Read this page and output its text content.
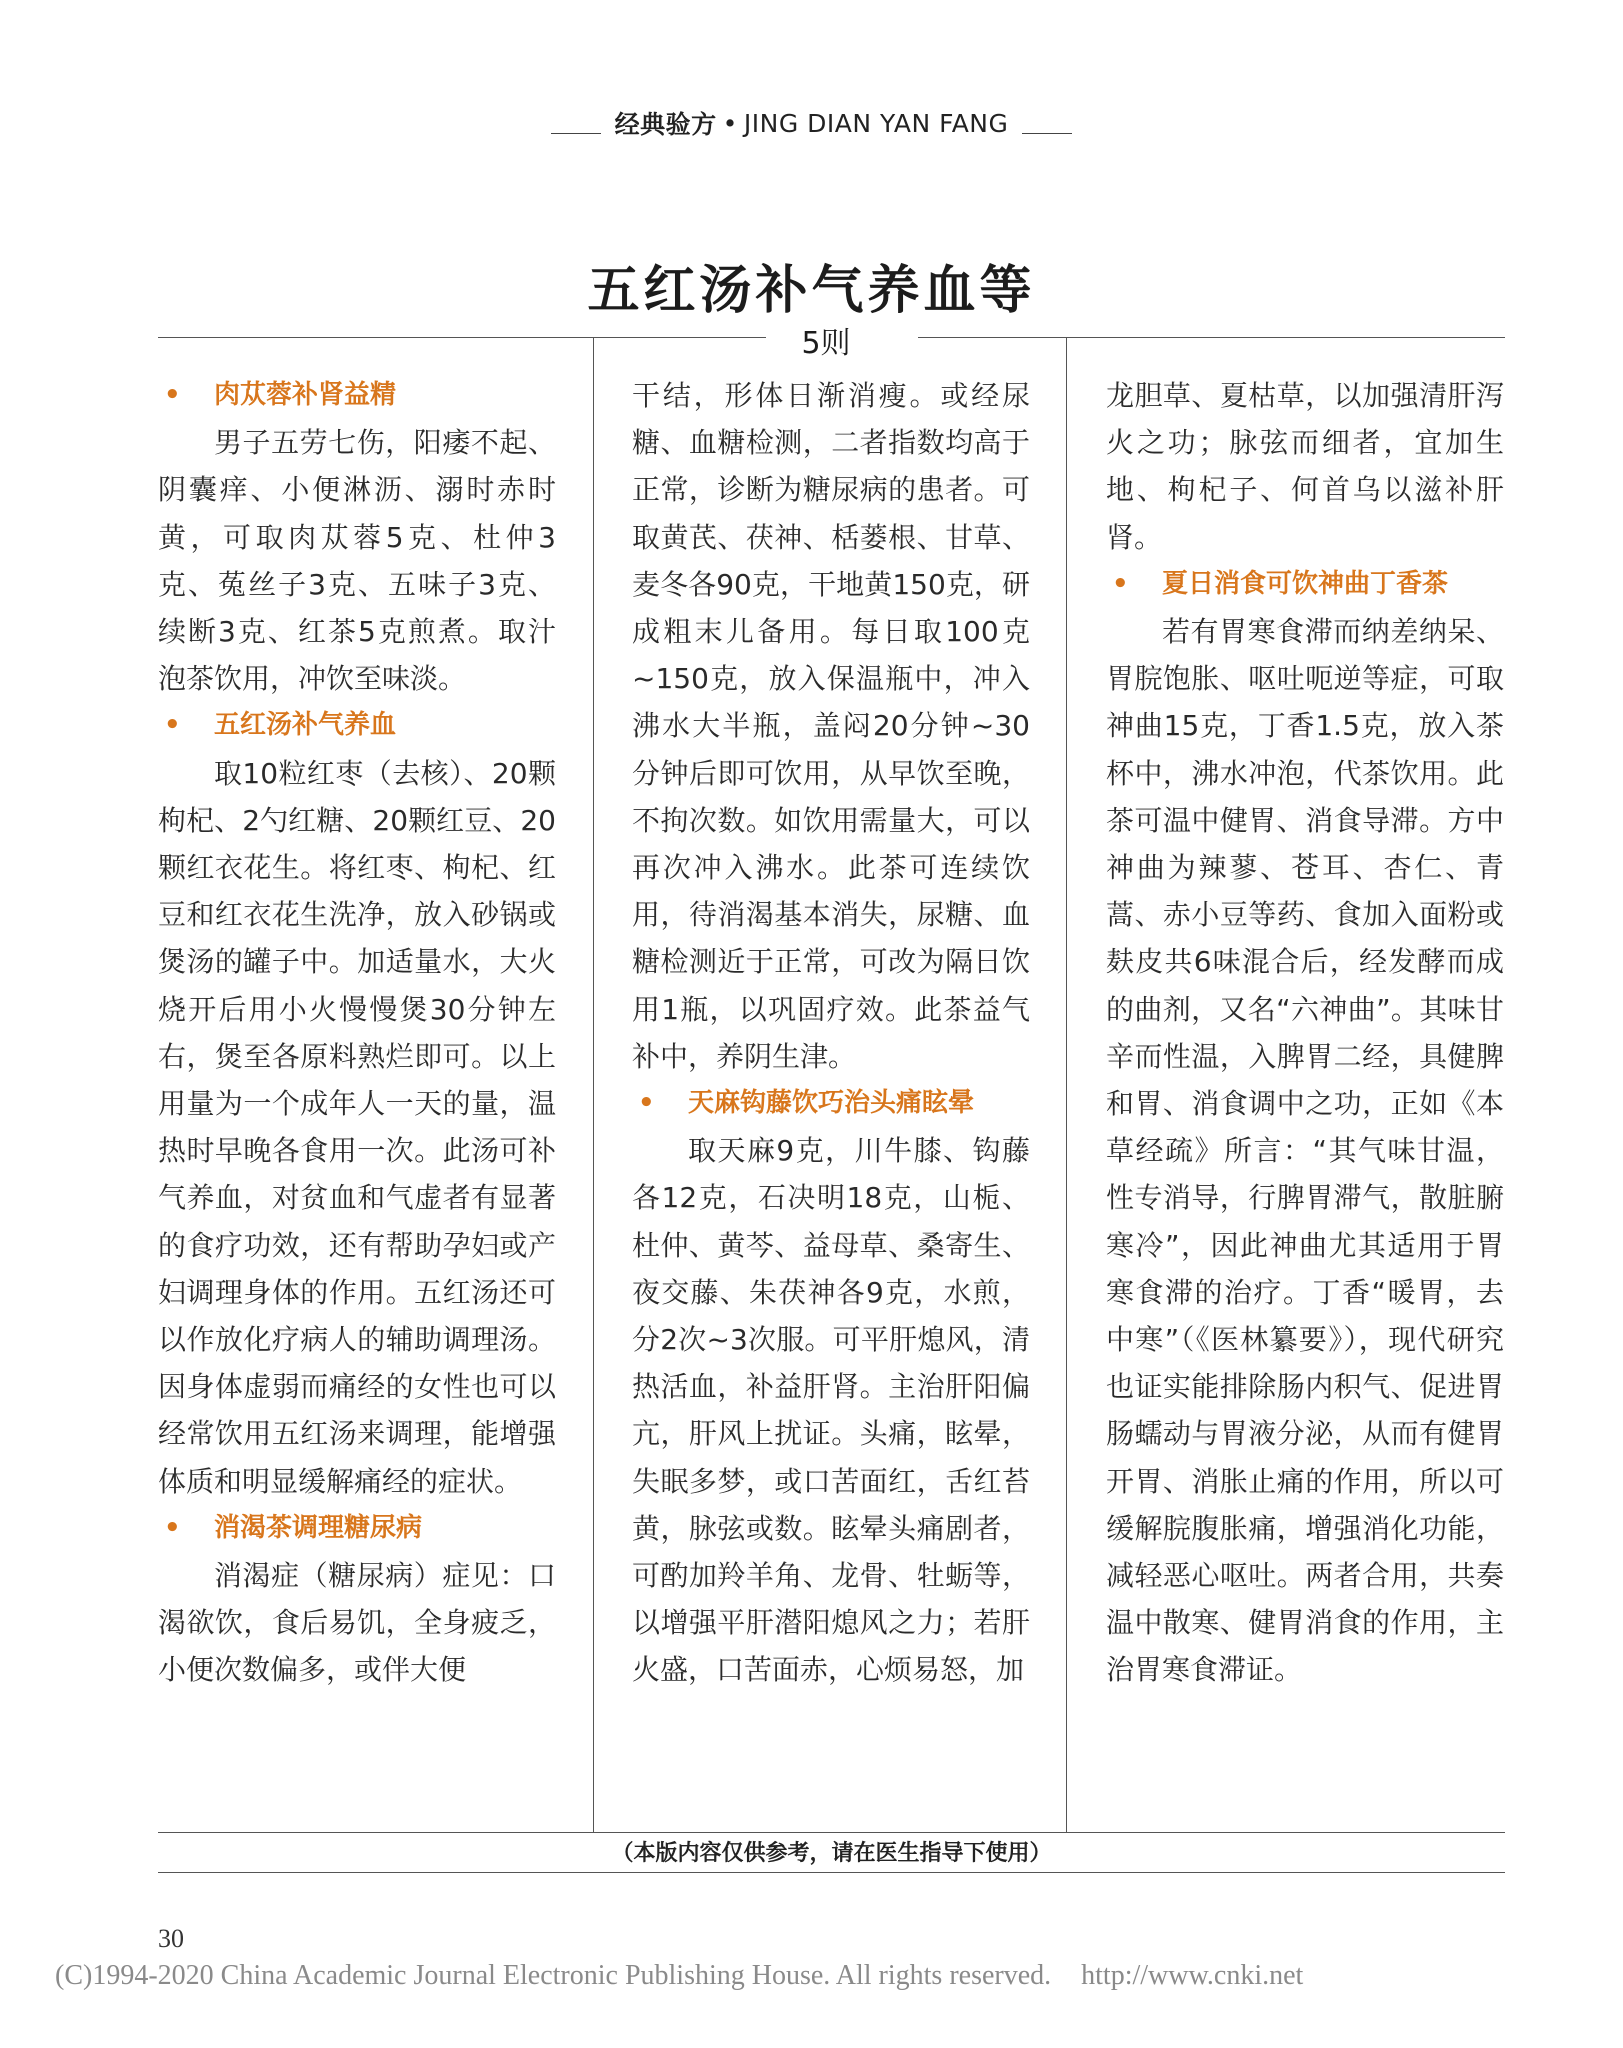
经典验方 • JING DIAN YAN FANG
五红汤补气养血等
5则
• 肉苁蓉补肾益精

男子五劳七伤，阳痿不起、阴囊痒、小便淋沥、溺时赤时黄，可取肉苁蓉5克、杜仲3克、菟丝子3克、五味子3克、续断3克、红茶5克煎煮。取汁泡茶饮用，冲饮至味淡。

• 五红汤补气养血

取10粒红枣（去核）、20颗枸杞、2勺红糖、20颗红豆、20颗红衣花生。将红枣、枸杞、红豆和红衣花生洗净，放入砂锅或煲汤的罐子中。加适量水，大火烧开后用小火慢慢煲30分钟左右，煲至各原料熟烂即可。以上用量为一个成年人一天的量，温热时早晚各食用一次。此汤可补气养血，对贫血和气虚者有显著的食疗功效，还有帮助孕妇或产妇调理身体的作用。五红汤还可以作放化疗病人的辅助调理汤。因身体虚弱而痛经的女性也可以经常饮用五红汤来调理，能增强体质和明显缓解痛经的症状。

• 消渴茶调理糖尿病

消渴症（糖尿病）症见：口渴欲饮，食后易饥，全身疲乏，小便次数偏多，或伴大便

干结，形体日渐消瘦。或经尿糖、血糖检测，二者指数均高于正常，诊断为糖尿病的患者。可取黄芪、茯神、栝蒌根、甘草、麦冬各90克，干地黄150克，研成粗末儿备用。每日取100克~150克，放入保温瓶中，冲入沸水大半瓶，盖闷20分钟~30分钟后即可饮用，从早饮至晚，不拘次数。如饮用需量大，可以再次冲入沸水。此茶可连续饮用，待消渴基本消失，尿糖、血糖检测近于正常，可改为隔日饮用1瓶，以巩固疗效。此茶益气补中，养阴生津。

• 天麻钩藤饮巧治头痛眩晕

取天麻9克，川牛膝、钩藤各12克，石决明18克，山栀、杜仲、黄芩、益母草、桑寄生、夜交藤、朱茯神各9克，水煎，分2次~3次服。可平肝熄风，清热活血，补益肝肾。主治肝阳偏亢，肝风上扰证。头痛，眩晕，失眠多梦，或口苦面红，舌红苔黄，脉弦或数。眩晕头痛剧者，可酌加羚羊角、龙骨、牡蛎等，以增强平肝潜阳熄风之力；若肝火盛，口苦面赤，心烦易怒，加

龙胆草、夏枯草，以加强清肝泻火之功；脉弦而细者，宜加生地、枸杞子、何首乌以滋补肝肾。

• 夏日消食可饮神曲丁香茶

若有胃寒食滞而纳差纳呆、胃脘饱胀、呕吐呃逆等症，可取神曲15克，丁香1.5克，放入茶杯中，沸水冲泡，代茶饮用。此茶可温中健胃、消食导滞。方中神曲为辣蓼、苍耳、杏仁、青蒿、赤小豆等药、食加入面粉或麸皮共6味混合后，经发酵而成的曲剂，又名“六神曲”。其味甘辛而性温，入脾胃二经，具健脾和胃、消食调中之功，正如《本草经疏》所言：“其气味甘温，性专消导，行脾胃滞气，散脏腑寒冷”，因此神曲尤其适用于胃寒食滞的治疗。丁香“暖胃，去中寒”（《医林纂要》），现代研究也证实能排除肠内积气、促进胃肠蠕动与胃液分泌，从而有健胃开胃、消胀止痛的作用，所以可缓解脘腹胀痛，增强消化功能，减轻恶心呕吐。两者合用，共奏温中散寒、健胃消食的作用，主治胃寒食滞证。

（本版内容仅供参考，请在医生指导下使用）
30
(C)1994-2020 China Academic Journal Electronic Publishing House. All rights reserved. http://www.cnki.net
